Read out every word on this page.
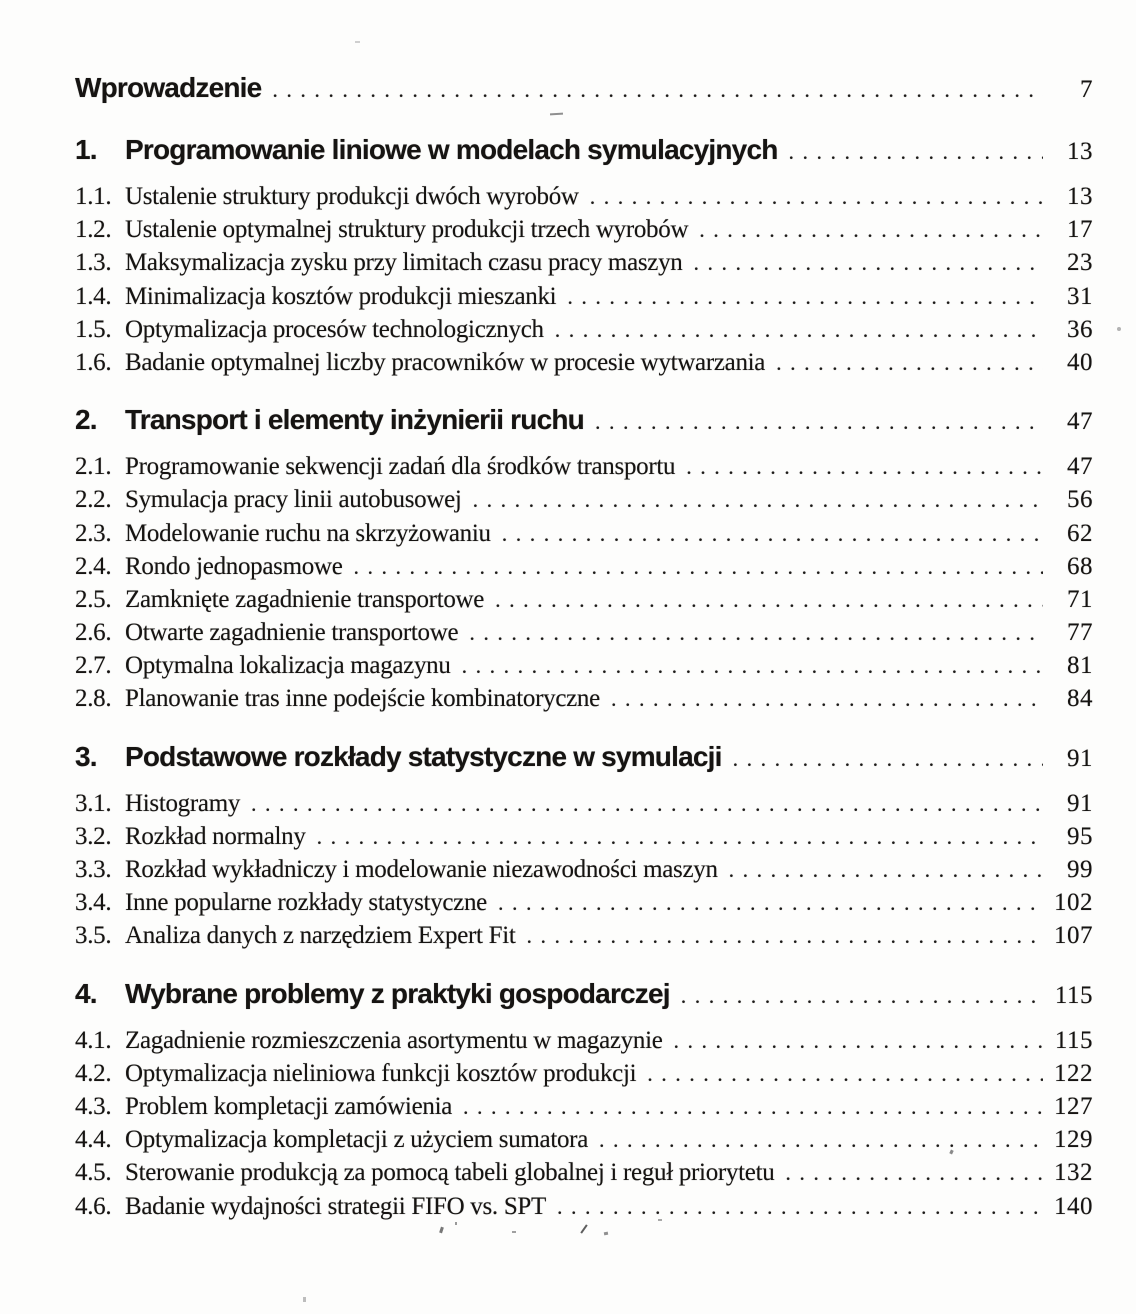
Wprowadzenie .....	7
1.	Programowanie liniowe w modelach symulacyjnych .....	13
1.1. Ustalenie struktury produkcji dwóch wyrobów .....	13
1.2. Ustalenie optymalnej struktury produkcji trzech wyrobów .....	17
1.3. Maksymalizacja zysku przy limitach czasu pracy maszyn .....	23
1.4. Minimalizacja kosztów produkcji mieszanki .....	31
1.5. Optymalizacja procesów technologicznych .....	36
1.6. Badanie optymalnej liczby pracowników w procesie wytwarzania .....	40
2.	Transport i elementy inżynierii ruchu .....	47
2.1. Programowanie sekwencji zadań dla środków transportu .....	47
2.2. Symulacja pracy linii autobusowej .....	56
2.3. Modelowanie ruchu na skrzyżowaniu .....	62
2.4. Rondo jednopasmowe .....	68
2.5. Zamknięte zagadnienie transportowe .....	71
2.6. Otwarte zagadnienie transportowe .....	77
2.7. Optymalna lokalizacja magazynu .....	81
2.8. Planowanie tras inne podejście kombinatoryczne .....	84
3.	Podstawowe rozkłady statystyczne w symulacji .....	91
3.1. Histogramy .....	91
3.2. Rozkład normalny .....	95
3.3. Rozkład wykładniczy i modelowanie niezawodności maszyn .....	99
3.4. Inne popularne rozkłady statystyczne .....	102
3.5. Analiza danych z narzędziem Expert Fit .....	107
4.	Wybrane problemy z praktyki gospodarczej .....	115
4.1. Zagadnienie rozmieszczenia asortymentu w magazynie .....	115
4.2. Optymalizacja nieliniowa funkcji kosztów produkcji .....	122
4.3. Problem kompletacji zamówienia .....	127
4.4. Optymalizacja kompletacji z użyciem sumatora .....	129
4.5. Sterowanie produkcją za pomocą tabeli globalnej i reguł priorytetu .....	132
4.6. Badanie wydajności strategii FIFO vs. SPT .....	140
